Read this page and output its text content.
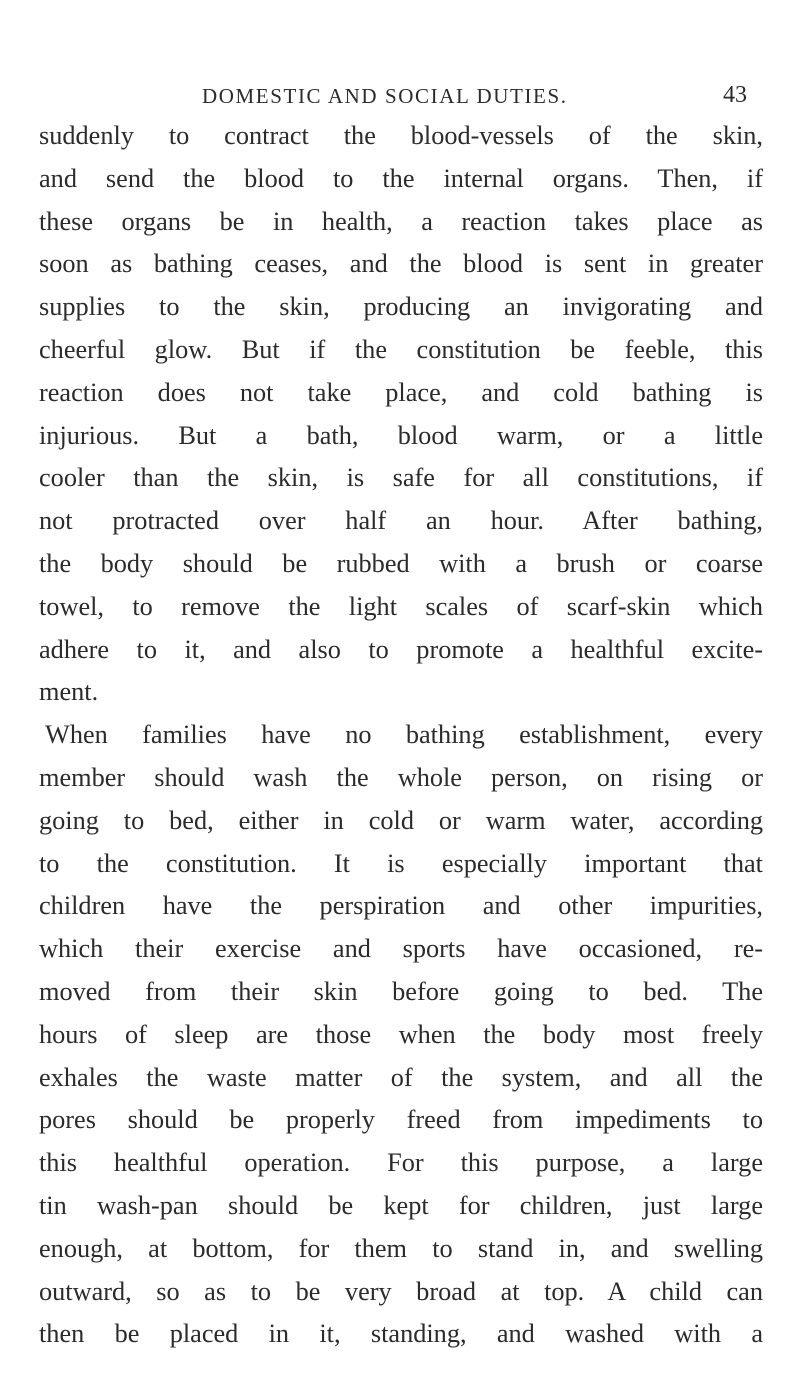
DOMESTIC AND SOCIAL DUTIES.	43
suddenly to contract the blood-vessels of the skin,
and send the blood to the internal organs. Then, if
these organs be in health, a reaction takes place as
soon as bathing ceases, and the blood is sent in greater
supplies to the skin, producing an invigorating and
cheerful glow. But if the constitution be feeble, this
reaction does not take place, and cold bathing is
injurious. But a bath, blood warm, or a little
cooler than the skin, is safe for all constitutions, if
not protracted over half an hour. After bathing,
the body should be rubbed with a brush or coarse
towel, to remove the light scales of scarf-skin which
adhere to it, and also to promote a healthful excite-
ment.
When families have no bathing establishment, every
member should wash the whole person, on rising or
going to bed, either in cold or warm water, according
to the constitution. It is especially important that
children have the perspiration and other impurities,
which their exercise and sports have occasioned, re-
moved from their skin before going to bed. The
hours of sleep are those when the body most freely
exhales the waste matter of the system, and all the
pores should be properly freed from impediments to
this healthful operation. For this purpose, a large
tin wash-pan should be kept for children, just large
enough, at bottom, for them to stand in, and swelling
outward, so as to be very broad at top. A child can
then be placed in it, standing, and washed with a
